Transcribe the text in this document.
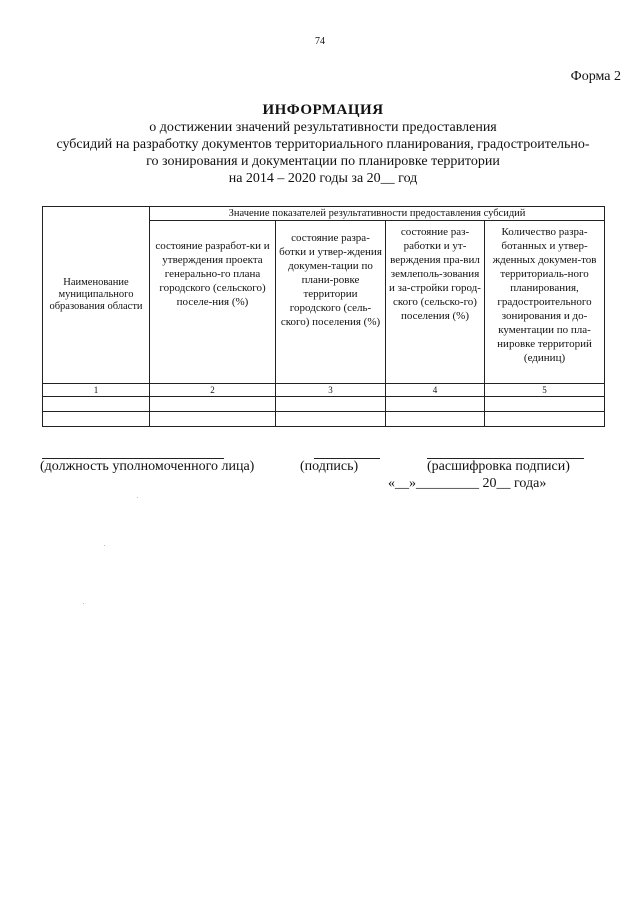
74
Форма 2
ИНФОРМАЦИЯ
о достижении значений результативности предоставления
субсидий на разработку документов территориального планирования, градостроительно-
го зонирования и документации по планировке территории
на 2014 – 2020 годы за 20__ год
Наименование муниципального образования области	Значение показателей результативности предоставления субсидий			
	состояние разработ-ки и утверждения проекта генерально-го плана городского (сельского) поселе-ния (%)	состояние разра-ботки и утвер-ждения докумен-тации по плани-ровке территории городского (сель-ского) поселения (%)	состояние раз-работки и ут-верждения пра-вил землеполь-зования и за-стройки город-ского (сельско-го) поселения (%)	Количество разра-ботанных и утвер-жденных докумен-тов территориаль-ного планирования, градостроительного зонирования и до-кументации по пла-нировке территорий (единиц)
1	2	3	4	5

(должность уполномоченного лица)	(подпись)	(расшифровка подписи)
«__»_________ 20__ года»
